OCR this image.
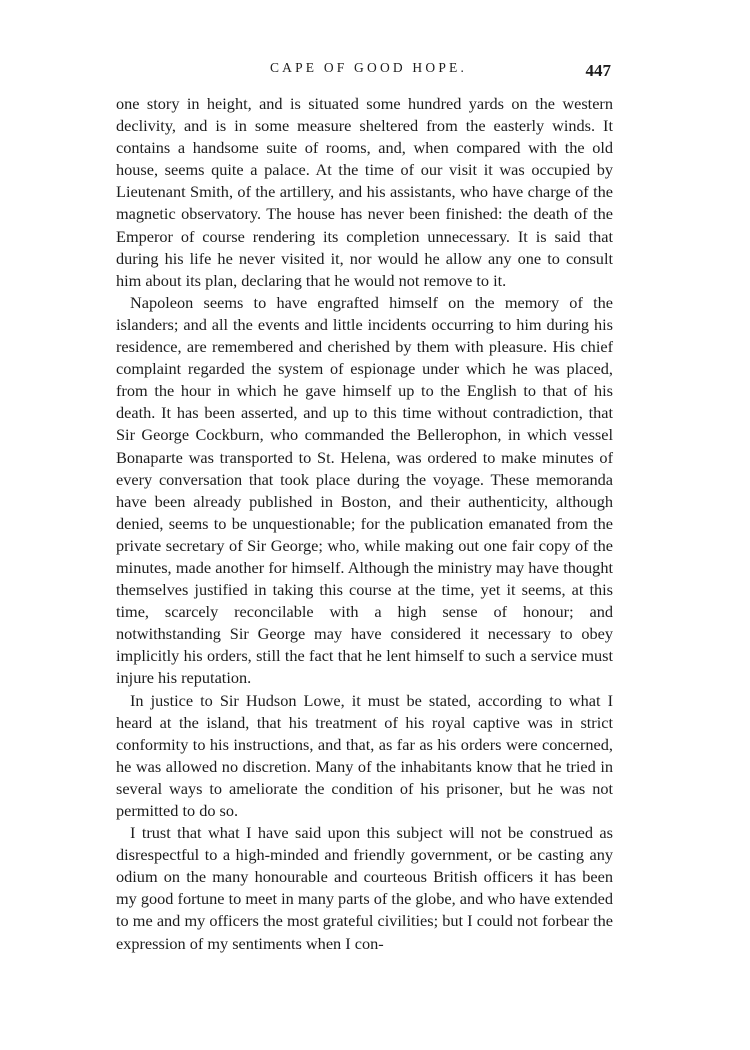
CAPE OF GOOD HOPE.	447

one story in height, and is situated some hundred yards on the western declivity, and is in some measure sheltered from the easterly winds. It contains a handsome suite of rooms, and, when compared with the old house, seems quite a palace. At the time of our visit it was occupied by Lieutenant Smith, of the artillery, and his assistants, who have charge of the magnetic observatory. The house has never been finished: the death of the Emperor of course rendering its completion unnecessary. It is said that during his life he never visited it, nor would he allow any one to consult him about its plan, declaring that he would not remove to it.

Napoleon seems to have engrafted himself on the memory of the islanders; and all the events and little incidents occurring to him during his residence, are remembered and cherished by them with pleasure. His chief complaint regarded the system of espionage under which he was placed, from the hour in which he gave himself up to the English to that of his death. It has been asserted, and up to this time without contradiction, that Sir George Cockburn, who commanded the Bellerophon, in which vessel Bonaparte was transported to St. Helena, was ordered to make minutes of every conversation that took place during the voyage. These memoranda have been already published in Boston, and their authenticity, although denied, seems to be unquestionable; for the publication emanated from the private secretary of Sir George; who, while making out one fair copy of the minutes, made another for himself. Although the ministry may have thought themselves justified in taking this course at the time, yet it seems, at this time, scarcely reconcilable with a high sense of honour; and notwithstanding Sir George may have considered it necessary to obey implicitly his orders, still the fact that he lent himself to such a service must injure his reputation.

In justice to Sir Hudson Lowe, it must be stated, according to what I heard at the island, that his treatment of his royal captive was in strict conformity to his instructions, and that, as far as his orders were concerned, he was allowed no discretion. Many of the inhabitants know that he tried in several ways to ameliorate the condition of his prisoner, but he was not permitted to do so.

I trust that what I have said upon this subject will not be construed as disrespectful to a high-minded and friendly government, or be casting any odium on the many honourable and courteous British officers it has been my good fortune to meet in many parts of the globe, and who have extended to me and my officers the most grateful civilities; but I could not forbear the expression of my sentiments when I con-
